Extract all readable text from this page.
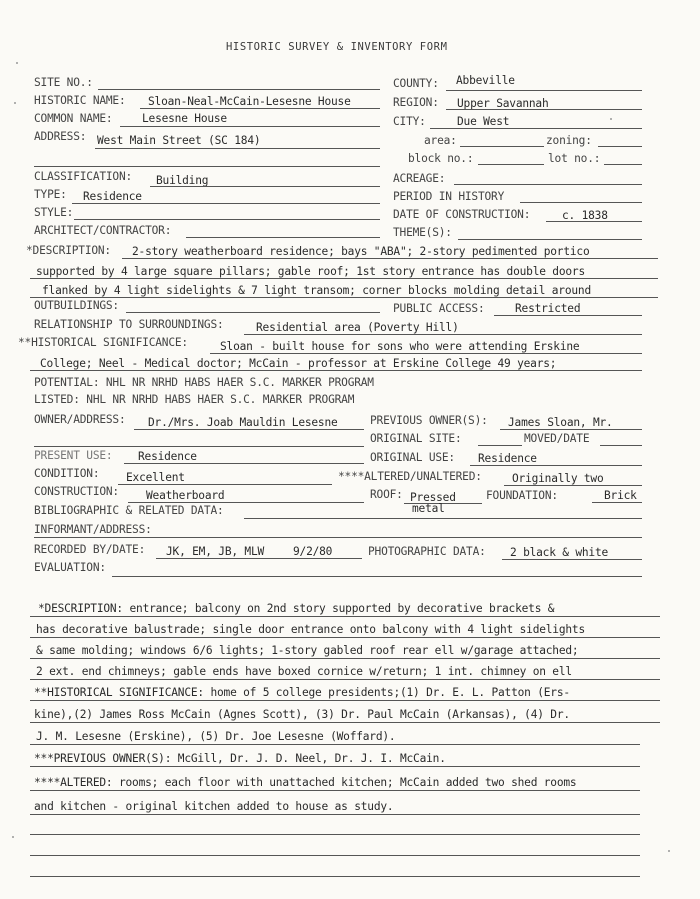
HISTORIC SURVEY & INVENTORY FORM
SITE NO.:	COUNTY: Abbeville
HISTORIC NAME: Sloan-Neal-McCain-Lesesne House	REGION: Upper Savannah
COMMON NAME:	Lesesne House	CITY:	Due West
ADDRESS: West Main Street (SC 184)	area:	zoning:
block no.:	lot no.:
CLASSIFICATION: Building	ACREAGE:
TYPE: Residence	PERIOD IN HISTORY
STYLE:	DATE OF CONSTRUCTION:	c. 1838
ARCHITECT/CONTRACTOR:	THEME(S):
*DESCRIPTION: 2-story weatherboard residence; bays "ABA"; 2-story pedimented portico
supported by 4 large square pillars; gable roof; 1st story entrance has double doors
flanked by 4 light sidelights & 7 light transom; corner blocks molding detail around
OUTBUILDINGS:	PUBLIC ACCESS:	Restricted
RELATIONSHIP TO SURROUNDINGS:	Residential area (Poverty Hill)
**HISTORICAL SIGNIFICANCE:	Sloan - built house for sons who were attending Erskine
College; Neel - Medical doctor; McCain - professor at Erskine College 49 years;
POTENTIAL: NHL NR NRHD HABS HAER S.C. MARKER PROGRAM
LISTED: NHL NR NRHD HABS HAER S.C. MARKER PROGRAM
OWNER/ADDRESS: Dr./Mrs. Joab Mauldin Lesesne	PREVIOUS OWNER(S): James Sloan, Mr.
ORIGINAL SITE:	MOVED/DATE
PRESENT USE: Residence	ORIGINAL USE: Residence
CONDITION: Excellent	****ALTERED/UNALTERED:	Originally two
CONSTRUCTION: Weatherboard	ROOF: Pressed
metal
FOUNDATION:	Brick
BIBLIOGRAPHIC & RELATED DATA:
INFORMANT/ADDRESS:
RECORDED BY/DATE: JK, EM, JB, MLW	9/2/80	PHOTOGRAPHIC DATA: 2 black & white
EVALUATION:
*DESCRIPTION: entrance; balcony on 2nd story supported by decorative brackets &
has decorative balustrade; single door entrance onto balcony with 4 light sidelights
& same molding; windows 6/6 lights; 1-story gabled roof rear ell w/garage attached;
2 ext. end chimneys; gable ends have boxed cornice w/return; 1 int. chimney on ell
**HISTORICAL SIGNIFICANCE: home of 5 college presidents;(1) Dr. E. L. Patton (Ers-
kine),(2) James Ross McCain (Agnes Scott), (3) Dr. Paul McCain (Arkansas), (4) Dr.
J. M. Lesesne (Erskine), (5) Dr. Joe Lesesne (Woffard).
***PREVIOUS OWNER(S): McGill, Dr. J. D. Neel, Dr. J. I. McCain.
****ALTERED: rooms; each floor with unattached kitchen; McCain added two shed rooms
and kitchen - original kitchen added to house as study.
